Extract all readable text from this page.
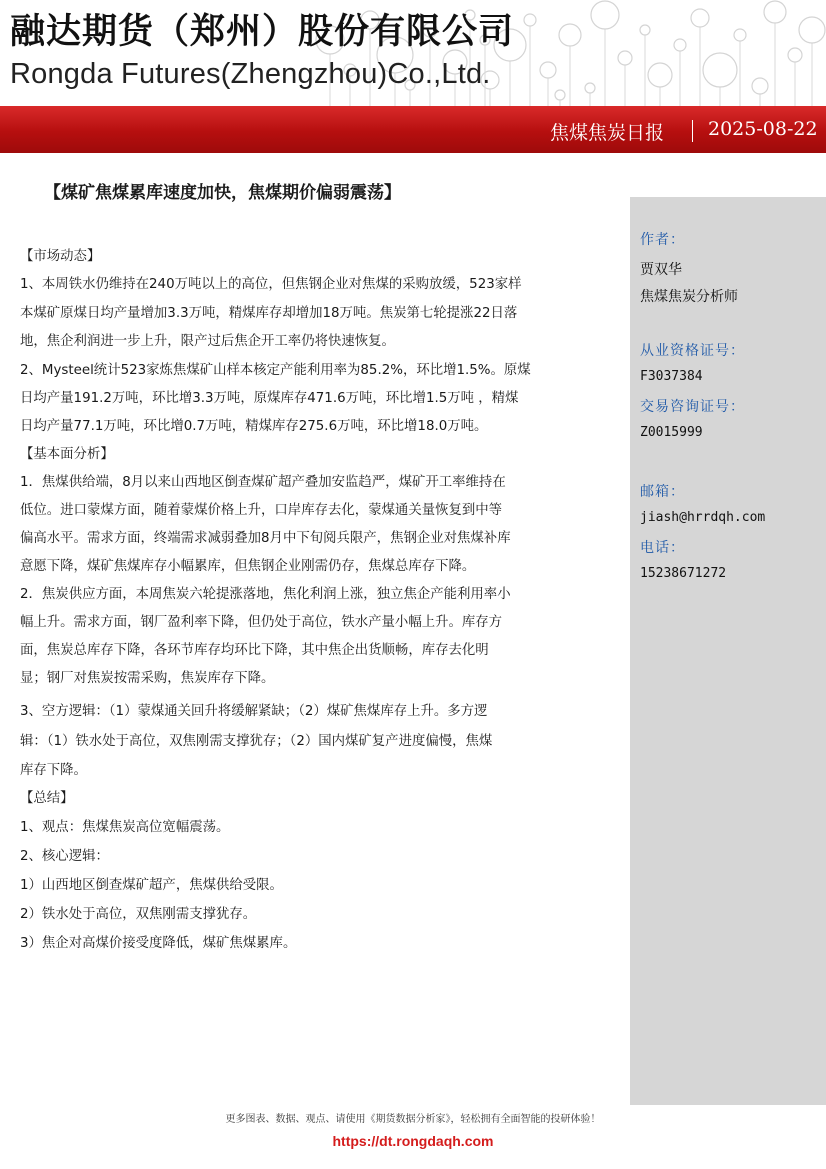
融达期货（郑州）股份有限公司
Rongda Futures(Zhengzhou)Co.,Ltd.
焦煤焦炭日报 2025-08-22
【煤矿焦煤累库速度加快，焦煤期价偏弱震荡】
作者：
贾双华
焦煤焦炭分析师
从业资格证号：
F3037384
交易咨询证号：
Z0015999
邮箱：
jiash@hrrdqh.com
电话：
15238671272
【市场动态】
1、本周铁水仍维持在240万吨以上的高位，但焦钢企业对焦煤的采购放缓，523家样
本煤矿原煤日均产量增加3.3万吨，精煤库存却增加18万吨。焦炭第七轮提涨22日落
地，焦企利润进一步上升，限产过后焦企开工率仍将快速恢复。
2、Mysteel统计523家炼焦煤矿山样本核定产能利用率为85.2%，环比增1.5%。原煤
日均产量191.2万吨，环比增3.3万吨，原煤库存471.6万吨，环比增1.5万吨 ，精煤
日均产量77.1万吨，环比增0.7万吨，精煤库存275.6万吨，环比增18.0万吨。
【基本面分析】
1．焦煤供给端，8月以来山西地区倒查煤矿超产叠加安监趋严，煤矿开工率维持在
低位。进口蒙煤方面，随着蒙煤价格上升，口岸库存去化，蒙煤通关量恢复到中等
偏高水平。需求方面，终端需求减弱叠加8月中下旬阅兵限产，焦钢企业对焦煤补库
意愿下降，煤矿焦煤库存小幅累库，但焦钢企业刚需仍存，焦煤总库存下降。
2．焦炭供应方面，本周焦炭六轮提涨落地，焦化利润上涨，独立焦企产能利用率小
幅上升。需求方面，钢厂盈利率下降，但仍处于高位，铁水产量小幅上升。库存方
面，焦炭总库存下降，各环节库存均环比下降，其中焦企出货顺畅，库存去化明
显；钢厂对焦炭按需采购，焦炭库存下降。
3、空方逻辑：（1）蒙煤通关回升将缓解紧缺；（2）煤矿焦煤库存上升。多方逻
辑：（1）铁水处于高位，双焦刚需支撑犹存；（2）国内煤矿复产进度偏慢，焦煤
库存下降。
【总结】
1、观点：焦煤焦炭高位宽幅震荡。
2、核心逻辑：
1）山西地区倒查煤矿超产，焦煤供给受限。
2）铁水处于高位，双焦刚需支撑犹存。
3）焦企对高煤价接受度降低，煤矿焦煤累库。
更多图表、数据、观点、请使用《期货数据分析家》，轻松拥有全面智能的投研体验！
https://dt.rongdaqh.com
